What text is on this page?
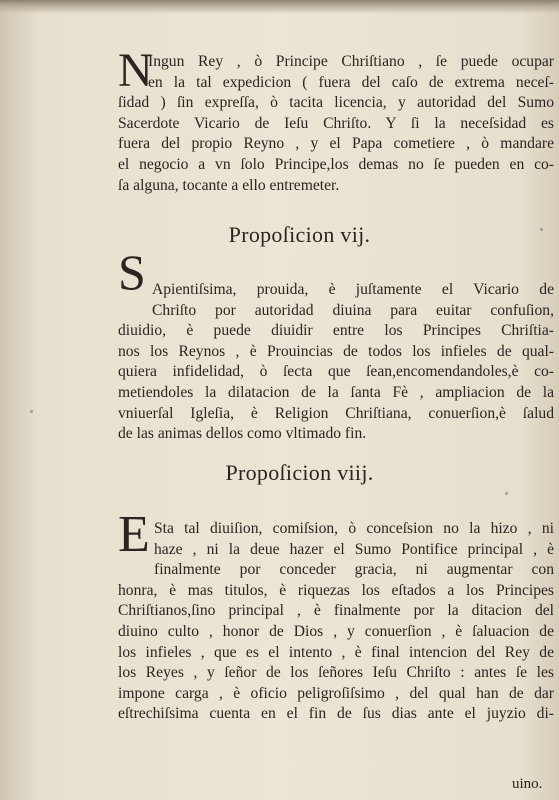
N
Ingun Rey , ò Principe Chriſtiano , ſe puede ocupar
en la tal expedicion ( fuera del caſo de extrema neceſ-
ſidad ) ſin expreſſa, ò tacita licencia, y autoridad del Sumo
Sacerdote Vicario de Ieſu Chriſto. Y ſi la neceſsidad es
fuera del propio Reyno , y el Papa cometiere , ò mandare
el negocio a vn ſolo Principe,los demas no ſe pueden en co-
ſa alguna, tocante a ello entremeter.
Propoſicion vij.
S Apientiſsima, prouida, è juſtamente el Vicario de
Chriſto por autoridad diuina para euitar confuſion,
diuidio, è puede diuidir entre los Principes Chriſtia-
nos los Reynos , è Prouincias de todos los infieles de qual-
quiera infidelidad, ò ſecta que ſean,encomendandoles,è co-
metiendoles la dilatacion de la ſanta Fè , ampliacion de la
vniuerſal Igleſia, è Religion Chriſtiana, conuerſion,è ſalud
de las animas dellos como vltimado fin.
Propoſicion viij.
E Sta tal diuiſion, comiſsion, ò conceſsion no la hizo , ni
haze , ni la deue hazer el Sumo Pontifice principal , è
finalmente por conceder gracia, ni augmentar con
honra, è mas titulos, è riquezas los eſtados a los Principes
Chriſtianos,ſino principal , è finalmente por la ditacion del
diuino culto , honor de Dios , y conuerſion , è ſaluacion de
los infieles , que es el intento , è final intencion del Rey de
los Reyes , y ſeñor de los ſeñores Ieſu Chriſto : antes ſe les
impone carga , è oficio peligroſiſsimo , del qual han de dar
eſtrechiſsima cuenta en el fin de ſus dias ante el juyzio di-
uino.
